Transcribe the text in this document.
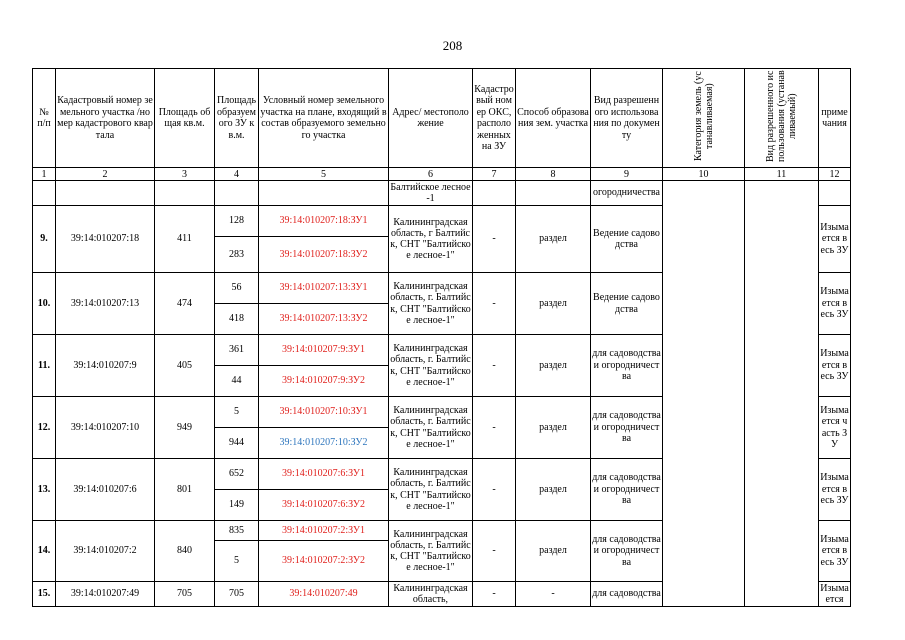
208
№ п/п	Кадастровый номер земельного участка /номер кадастрового квартала	Площадь общая кв.м.	Площадь образуемого ЗУ кв.м.	Условный номер земельного участка на плане, входящий в состав образуемого земельного участка	Адрес/ местоположение	Кадастровый номер ОКС, расположенных на ЗУ	Способ образования зем. участка	Вид разрешенного использования по документу	Категория земель (устанавливаемая)	Вид разрешенного использования (устанавливаемый)	примечания
1	2	3	4	5	6	7	8	9	10	11	12
					Балтийское лесное-1			огородничества			
9.	39:14:010207:18	411	128	39:14:010207:18:ЗУ1	Калининградская область, г Балтийск, СНТ "Балтийское лесное-1"	-	раздел	Ведение садоводства			Изымается весь ЗУ
			283	39:14:010207:18:ЗУ2							
10.	39:14:010207:13	474	56	39:14:010207:13:ЗУ1	Калининградская область, г. Балтийск, СНТ "Балтийское лесное-1"	-	раздел	Ведение садоводства			Изымается весь ЗУ
			418	39:14:010207:13:ЗУ2							
11.	39:14:010207:9	405	361	39:14:010207:9:ЗУ1	Калининградская область, г. Балтийск, СНТ "Балтийское лесное-1"	-	раздел	для садоводства и огородничества			Изымается весь ЗУ
			44	39:14:010207:9:ЗУ2							
12.	39:14:010207:10	949	5	39:14:010207:10:ЗУ1	Калининградская область, г. Балтийск, СНТ "Балтийское лесное-1"	-	раздел	для садоводства и огородничества			Изымается часть ЗУ
			944	39:14:010207:10:ЗУ2							
13.	39:14:010207:6	801	652	39:14:010207:6:ЗУ1	Калининградская область, г. Балтийск, СНТ "Балтийское лесное-1"	-	раздел	для садоводства и огородничества			Изымается весь ЗУ
			149	39:14:010207:6:ЗУ2							
14.	39:14:010207:2	840	835	39:14:010207:2:ЗУ1	Калининградская область, г. Балтийск, СНТ "Балтийское лесное-1"	-	раздел	для садоводства и огородничества			Изымается весь ЗУ
			5	39:14:010207:2:ЗУ2							
15.	39:14:010207:49	705	705	39:14:010207:49	Калининградская область,	-	-	для садоводства			Изымается
